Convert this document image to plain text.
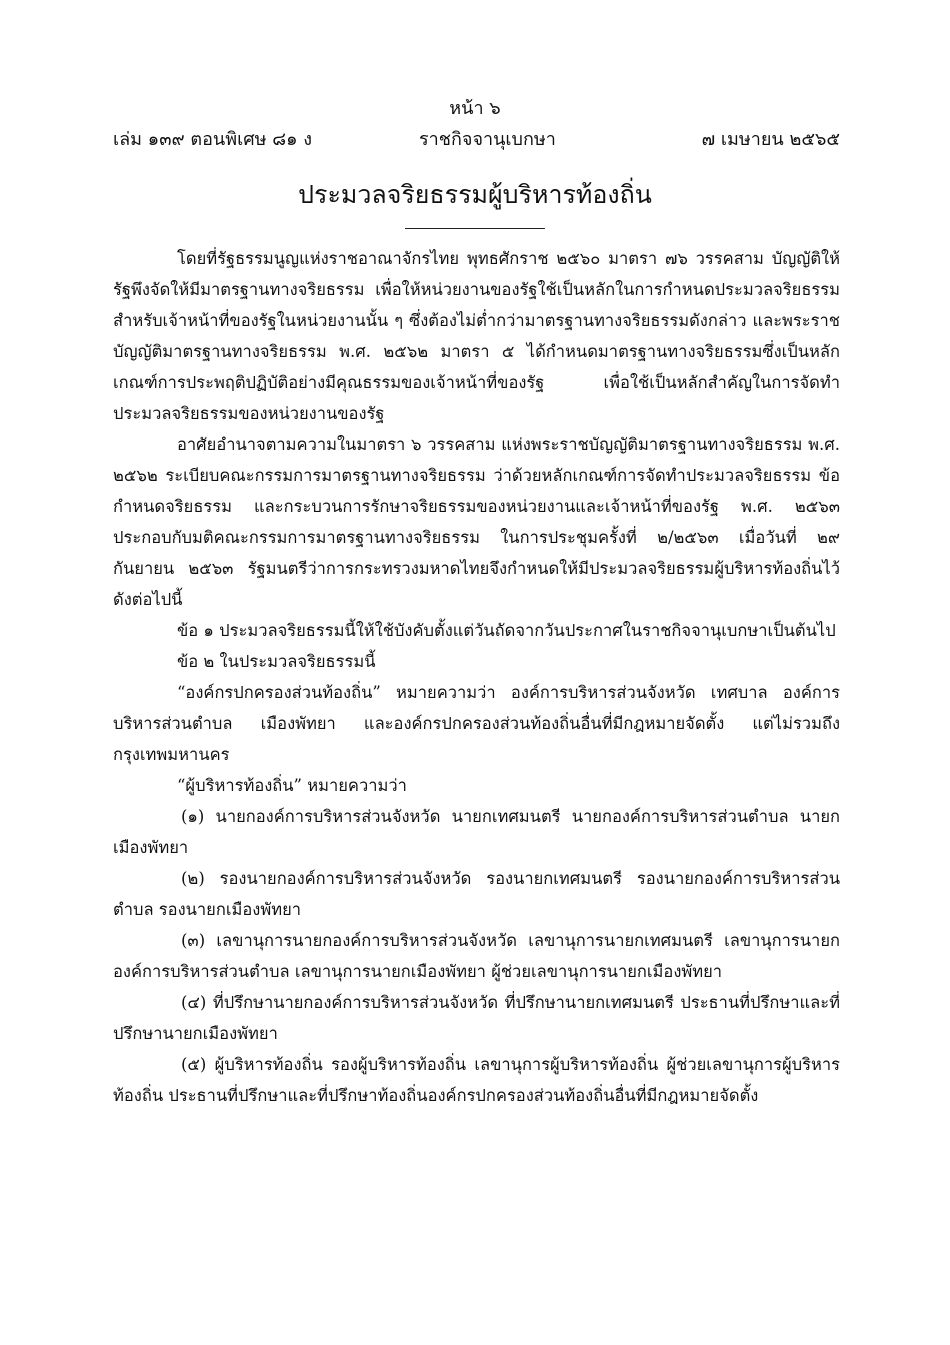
หน้า ๖
เล่ม ๑๓๙ ตอนพิเศษ ๘๑ ง	ราชกิจจานุเบกษา	๗ เมษายน ๒๕๖๕
ประมวลจริยธรรมผู้บริหารท้องถิ่น

โดยที่รัฐธรรมนูญแห่งราชอาณาจักรไทย พุทธศักราช ๒๕๖๐ มาตรา ๗๖ วรรคสาม บัญญัติให้รัฐพึงจัดให้มีมาตรฐานทางจริยธรรม เพื่อให้หน่วยงานของรัฐใช้เป็นหลักในการกำหนดประมวลจริยธรรมสำหรับเจ้าหน้าที่ของรัฐในหน่วยงานนั้น ๆ ซึ่งต้องไม่ต่ำกว่ามาตรฐานทางจริยธรรมดังกล่าว และพระราชบัญญัติมาตรฐานทางจริยธรรม พ.ศ. ๒๕๖๒ มาตรา ๕ ได้กำหนดมาตรฐานทางจริยธรรมซึ่งเป็นหลักเกณฑ์การประพฤติปฏิบัติอย่างมีคุณธรรมของเจ้าหน้าที่ของรัฐ เพื่อใช้เป็นหลักสำคัญในการจัดทำประมวลจริยธรรมของหน่วยงานของรัฐ

อาศัยอำนาจตามความในมาตรา ๖ วรรคสาม แห่งพระราชบัญญัติมาตรฐานทางจริยธรรม พ.ศ. ๒๕๖๒ ระเบียบคณะกรรมการมาตรฐานทางจริยธรรม ว่าด้วยหลักเกณฑ์การจัดทำประมวลจริยธรรม ข้อกำหนดจริยธรรม และกระบวนการรักษาจริยธรรมของหน่วยงานและเจ้าหน้าที่ของรัฐ พ.ศ. ๒๕๖๓ ประกอบกับมติคณะกรรมการมาตรฐานทางจริยธรรม ในการประชุมครั้งที่ ๒/๒๕๖๓ เมื่อวันที่ ๒๙ กันยายน ๒๕๖๓ รัฐมนตรีว่าการกระทรวงมหาดไทยจึงกำหนดให้มีประมวลจริยธรรมผู้บริหารท้องถิ่นไว้ดังต่อไปนี้

ข้อ ๑ ประมวลจริยธรรมนี้ให้ใช้บังคับตั้งแต่วันถัดจากวันประกาศในราชกิจจานุเบกษาเป็นต้นไป

ข้อ ๒ ในประมวลจริยธรรมนี้

“องค์กรปกครองส่วนท้องถิ่น” หมายความว่า องค์การบริหารส่วนจังหวัด เทศบาล องค์การบริหารส่วนตำบล เมืองพัทยา และองค์กรปกครองส่วนท้องถิ่นอื่นที่มีกฎหมายจัดตั้ง แต่ไม่รวมถึงกรุงเทพมหานคร

“ผู้บริหารท้องถิ่น” หมายความว่า

(๑) นายกองค์การบริหารส่วนจังหวัด นายกเทศมนตรี นายกองค์การบริหารส่วนตำบล นายกเมืองพัทยา

(๒) รองนายกองค์การบริหารส่วนจังหวัด รองนายกเทศมนตรี รองนายกองค์การบริหารส่วนตำบล รองนายกเมืองพัทยา

(๓) เลขานุการนายกองค์การบริหารส่วนจังหวัด เลขานุการนายกเทศมนตรี เลขานุการนายกองค์การบริหารส่วนตำบล เลขานุการนายกเมืองพัทยา ผู้ช่วยเลขานุการนายกเมืองพัทยา

(๔) ที่ปรึกษานายกองค์การบริหารส่วนจังหวัด ที่ปรึกษานายกเทศมนตรี ประธานที่ปรึกษาและที่ปรึกษานายกเมืองพัทยา

(๕) ผู้บริหารท้องถิ่น รองผู้บริหารท้องถิ่น เลขานุการผู้บริหารท้องถิ่น ผู้ช่วยเลขานุการผู้บริหารท้องถิ่น ประธานที่ปรึกษาและที่ปรึกษาท้องถิ่นองค์กรปกครองส่วนท้องถิ่นอื่นที่มีกฎหมายจัดตั้ง
